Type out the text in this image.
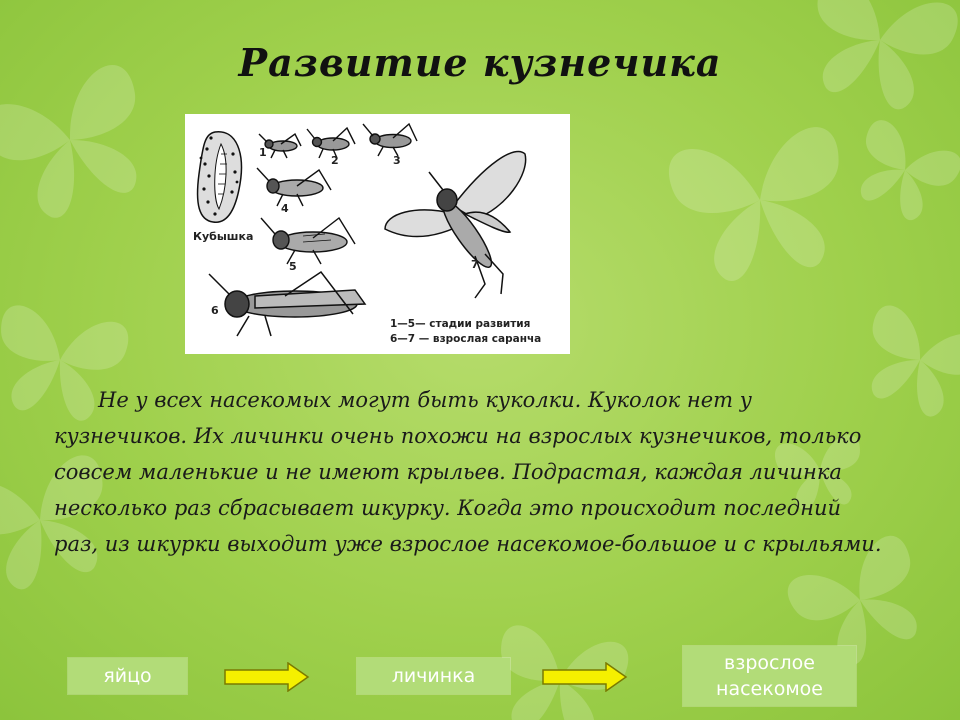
Развитие кузнечика
Кубышка
1
2	3
4
5
6
7
1—5— стадии развития
6—7 — взрослая саранча
Не у всех насекомых могут быть куколки. Куколок нет у
кузнечиков. Их личинки очень похожи на взрослых кузнечиков, только
совсем маленькие и не имеют крыльев. Подрастая, каждая личинка
несколько раз сбрасывает шкурку. Когда это происходит последний
раз, из шкурки выходит уже взрослое насекомое-большое и с крыльями.
яйцо	личинка
взрослое
насекомое
